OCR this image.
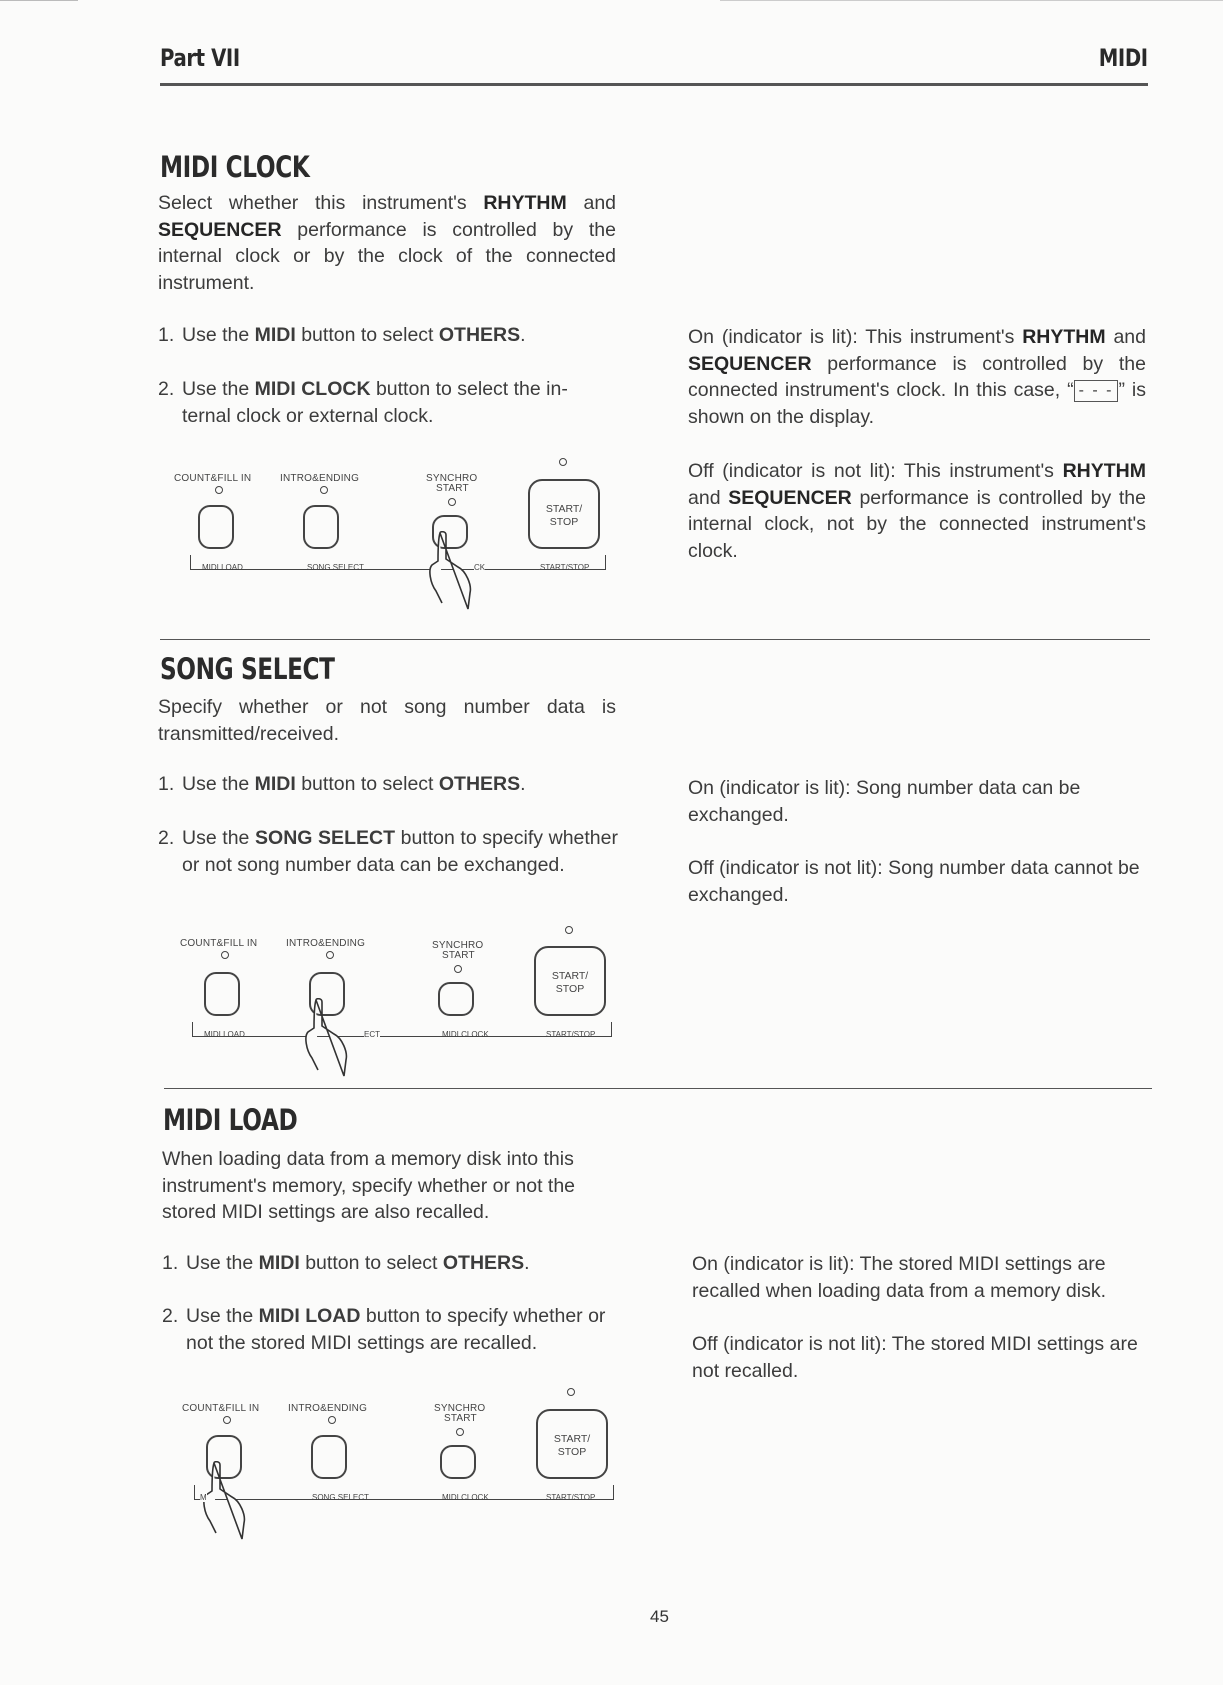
Part VII	MIDI
MIDI CLOCK
Select whether this instrument's RHYTHM and SEQUENCER performance is controlled by the internal clock or by the clock of the connected instrument.
1. Use the MIDI button to select OTHERS.
2. Use the MIDI CLOCK button to select the in-
ternal clock or external clock.
On (indicator is lit): This instrument's RHYTHM and SEQUENCER performance is controlled by the connected instrument's clock. In this case, “ - - - ” is shown on the display.
Off (indicator is not lit): This instrument's RHYTHM and SEQUENCER performance is controlled by the internal clock, not by the connected instrument's clock.
COUNT&FILL IN	INTRO&ENDING	SYNCHRO
START
START/
STOP
MIDI LOAD	SONG SELECT	START/STOP
CK
SONG SELECT
Specify whether or not song number data is transmitted/received.
1. Use the MIDI button to select OTHERS.
2. Use the SONG SELECT button to specify whether or not song number data can be exchanged.
On (indicator is lit): Song number data can be exchanged.
Off (indicator is not lit): Song number data cannot be exchanged.
COUNT&FILL IN	INTRO&ENDING	SYNCHRO
START
START/
STOP
MIDI LOAD	MIDI CLOCK	START/STOP
ECT
MIDI LOAD
When loading data from a memory disk into this instrument's memory, specify whether or not the stored MIDI settings are also recalled.
1. Use the MIDI button to select OTHERS.
2. Use the MIDI LOAD button to specify whether or not the stored MIDI settings are recalled.
On (indicator is lit): The stored MIDI settings are recalled when loading data from a memory disk.
Off (indicator is not lit): The stored MIDI settings are not recalled.
COUNT&FILL IN	INTRO&ENDING	SYNCHRO
START
START/
STOP
SONG SELECT	MIDI CLOCK	START/STOP
M
45
